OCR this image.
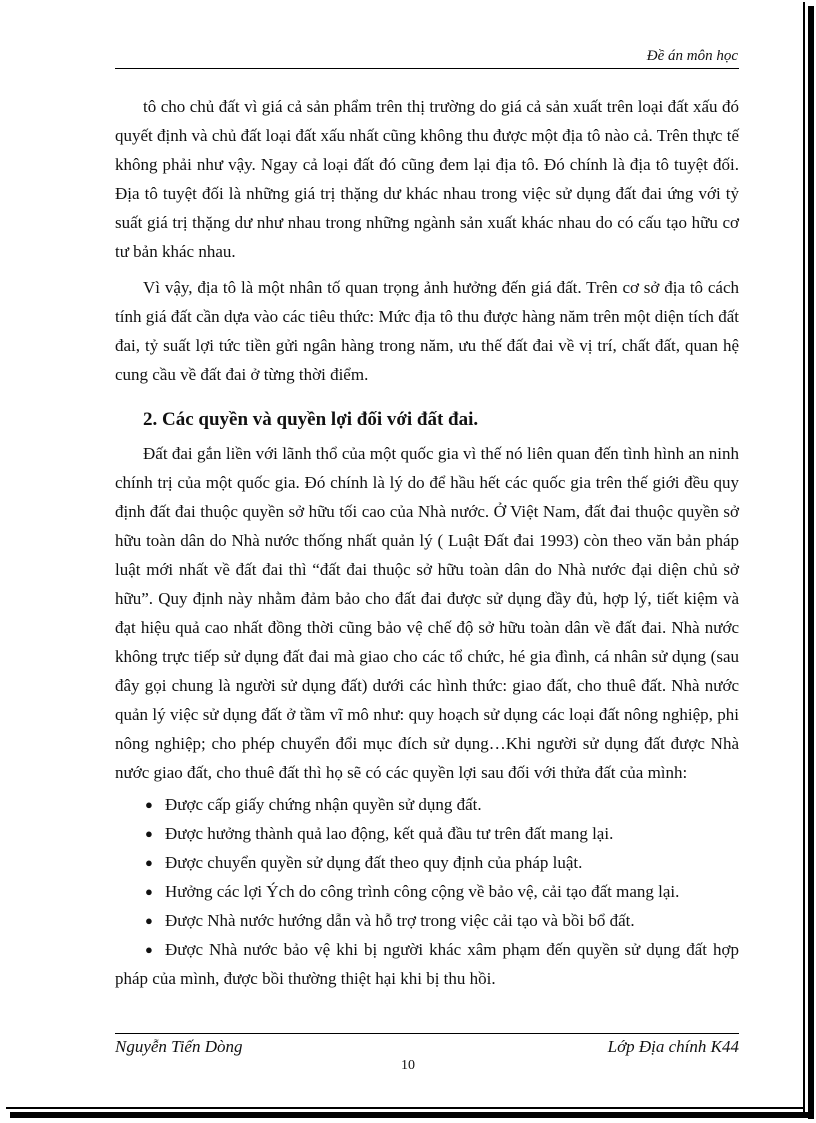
Đề án môn học

tô cho chủ đất vì giá cả sản phẩm trên thị trường do giá cả sản xuất trên loại đất xấu đó quyết định và chủ đất loại đất xấu nhất cũng không thu được một địa tô nào cả. Trên thực tế không phải như vậy. Ngay cả loại đất đó cũng đem lại địa tô. Đó chính là địa tô tuyệt đối. Địa tô tuyệt đối là những giá trị thặng dư khác nhau trong việc sử dụng đất đai ứng với tỷ suất giá trị thặng dư như nhau trong những ngành sản xuất khác nhau do có cấu tạo hữu cơ tư bản khác nhau.

Vì vậy, địa tô là một nhân tố quan trọng ảnh hưởng đến giá đất. Trên cơ sở địa tô cách tính giá đất cần dựa vào các tiêu thức: Mức địa tô thu được hàng năm trên một diện tích đất đai, tỷ suất lợi tức tiền gửi ngân hàng trong năm, ưu thế đất đai về vị trí, chất đất, quan hệ cung cầu về đất đai ở từng thời điểm.

2. Các quyền và quyền lợi đối với đất đai.

Đất đai gắn liền với lãnh thổ của một quốc gia vì thế nó liên quan đến tình hình an ninh chính trị của một quốc gia. Đó chính là lý do để hầu hết các quốc gia trên thế giới đều quy định đất đai thuộc quyền sở hữu tối cao của Nhà nước. Ở Việt Nam, đất đai thuộc quyền sở hữu toàn dân do Nhà nước thống nhất quản lý ( Luật Đất đai 1993) còn theo văn bản pháp luật mới nhất về đất đai thì “đất đai thuộc sở hữu toàn dân do Nhà nước đại diện chủ sở hữu”. Quy định này nhằm đảm bảo cho đất đai được sử dụng đầy đủ, hợp lý, tiết kiệm và đạt hiệu quả cao nhất đồng thời cũng bảo vệ chế độ sở hữu toàn dân về đất đai. Nhà nước không trực tiếp sử dụng đất đai mà giao cho các tổ chức, hé gia đình, cá nhân sử dụng (sau đây gọi chung là người sử dụng đất) dưới các hình thức: giao đất, cho thuê đất. Nhà nước quản lý việc sử dụng đất ở tầm vĩ mô như: quy hoạch sử dụng các loại đất nông nghiệp, phi nông nghiệp; cho phép chuyển đổi mục đích sử dụng…Khi người sử dụng đất được Nhà nước giao đất, cho thuê đất thì họ sẽ có các quyền lợi sau đối với thửa đất của mình:

● Được cấp giấy chứng nhận quyền sử dụng đất.
● Được hưởng thành quả lao động, kết quả đầu tư trên đất mang lại.
● Được chuyển quyền sử dụng đất theo quy định của pháp luật.
● Hưởng các lợi Ých do công trình công cộng về bảo vệ, cải tạo đất mang lại.
● Được Nhà nước hướng dẫn và hỗ trợ trong việc cải tạo và bồi bổ đất.
● Được Nhà nước bảo vệ khi bị người khác xâm phạm đến quyền sử dụng đất hợp pháp của mình, được bồi thường thiệt hại khi bị thu hồi.
Nguyễn Tiến Dòng	Lớp Địa chính K44
10
